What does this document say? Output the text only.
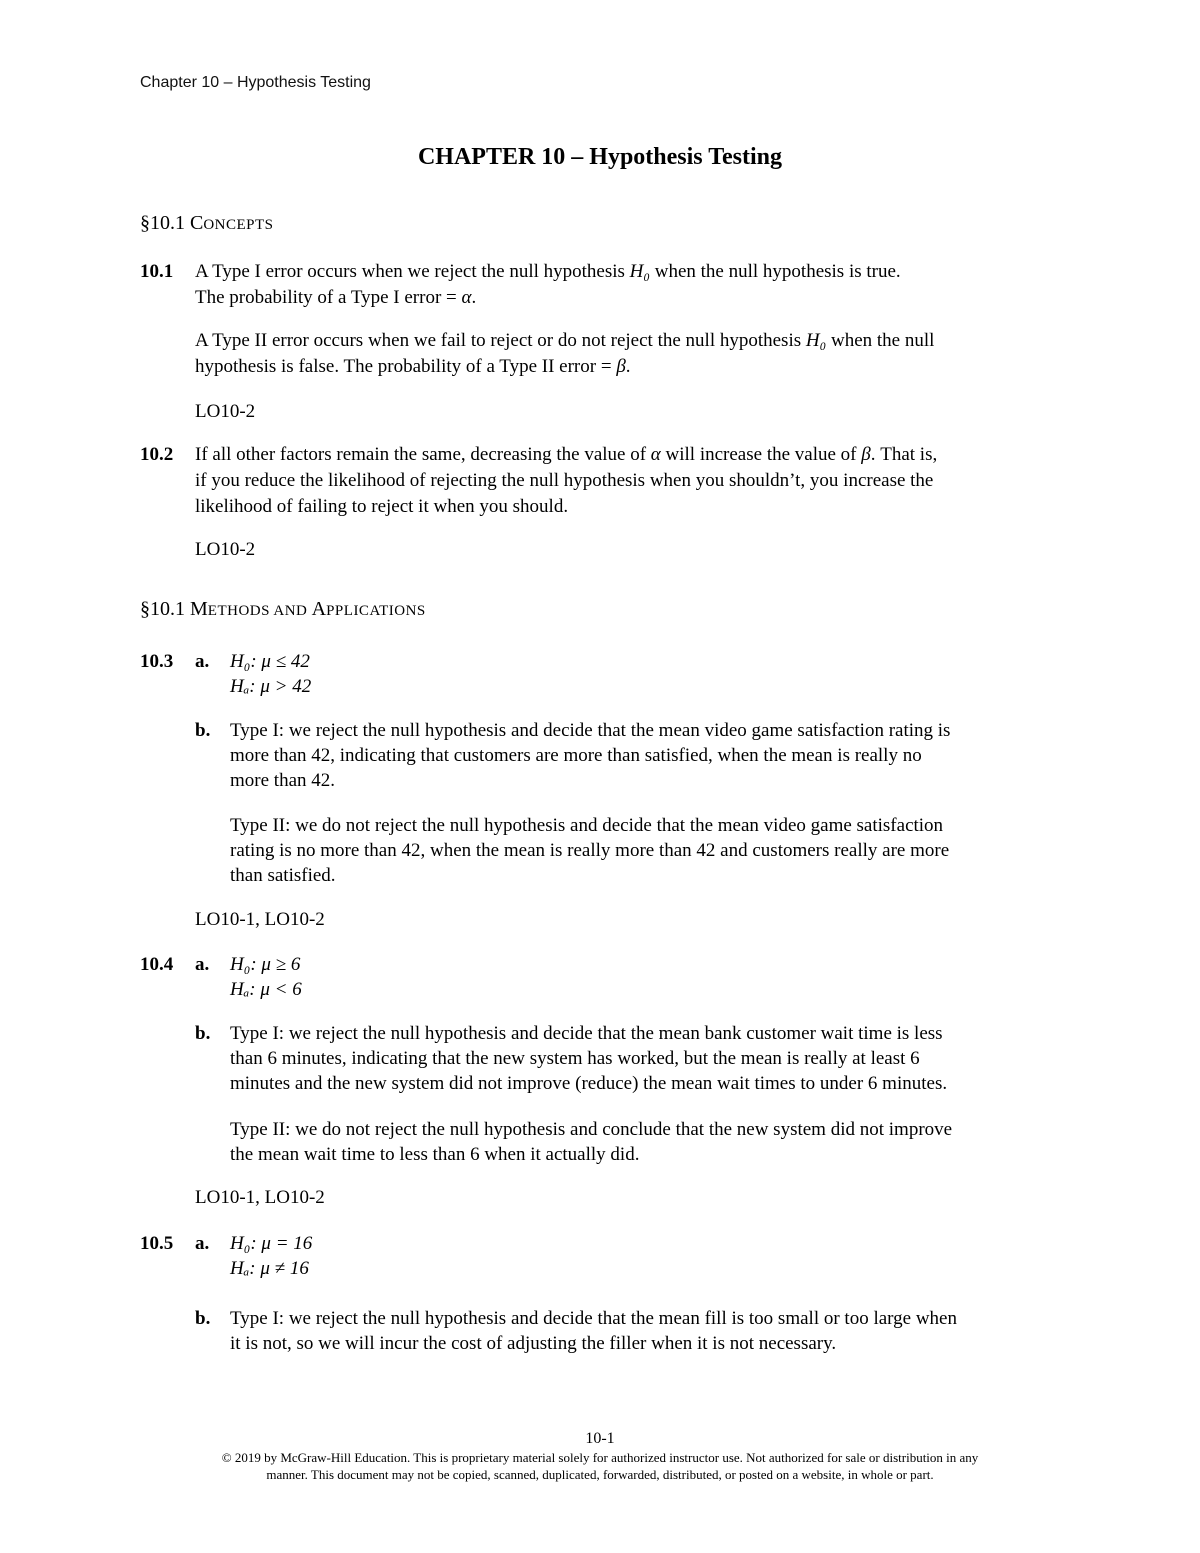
Chapter 10 – Hypothesis Testing
CHAPTER 10 – Hypothesis Testing
§10.1 CONCEPTS
10.1 A Type I error occurs when we reject the null hypothesis H₀ when the null hypothesis is true.
The probability of a Type I error = α.
A Type II error occurs when we fail to reject or do not reject the null hypothesis H₀ when the null
hypothesis is false. The probability of a Type II error = β.
LO10-2
10.2 If all other factors remain the same, decreasing the value of α will increase the value of β. That is,
if you reduce the likelihood of rejecting the null hypothesis when you shouldn’t, you increase the
likelihood of failing to reject it when you should.
LO10-2
§10.1 METHODS AND APPLICATIONS
10.3 a. H₀: μ ≤ 42
Hₐ: μ > 42
b. Type I: we reject the null hypothesis and decide that the mean video game satisfaction rating is
more than 42, indicating that customers are more than satisfied, when the mean is really no
more than 42.
Type II: we do not reject the null hypothesis and decide that the mean video game satisfaction
rating is no more than 42, when the mean is really more than 42 and customers really are more
than satisfied.
LO10-1, LO10-2
10.4 a. H₀: μ ≥ 6
Hₐ: μ < 6
b. Type I: we reject the null hypothesis and decide that the mean bank customer wait time is less
than 6 minutes, indicating that the new system has worked, but the mean is really at least 6
minutes and the new system did not improve (reduce) the mean wait times to under 6 minutes.
Type II: we do not reject the null hypothesis and conclude that the new system did not improve
the mean wait time to less than 6 when it actually did.
LO10-1, LO10-2
10.5 a. H₀: μ = 16
Hₐ: μ ≠ 16
b. Type I: we reject the null hypothesis and decide that the mean fill is too small or too large when
it is not, so we will incur the cost of adjusting the filler when it is not necessary.
10-1
© 2019 by McGraw-Hill Education. This is proprietary material solely for authorized instructor use. Not authorized for sale or distribution in any
manner. This document may not be copied, scanned, duplicated, forwarded, distributed, or posted on a website, in whole or part.
